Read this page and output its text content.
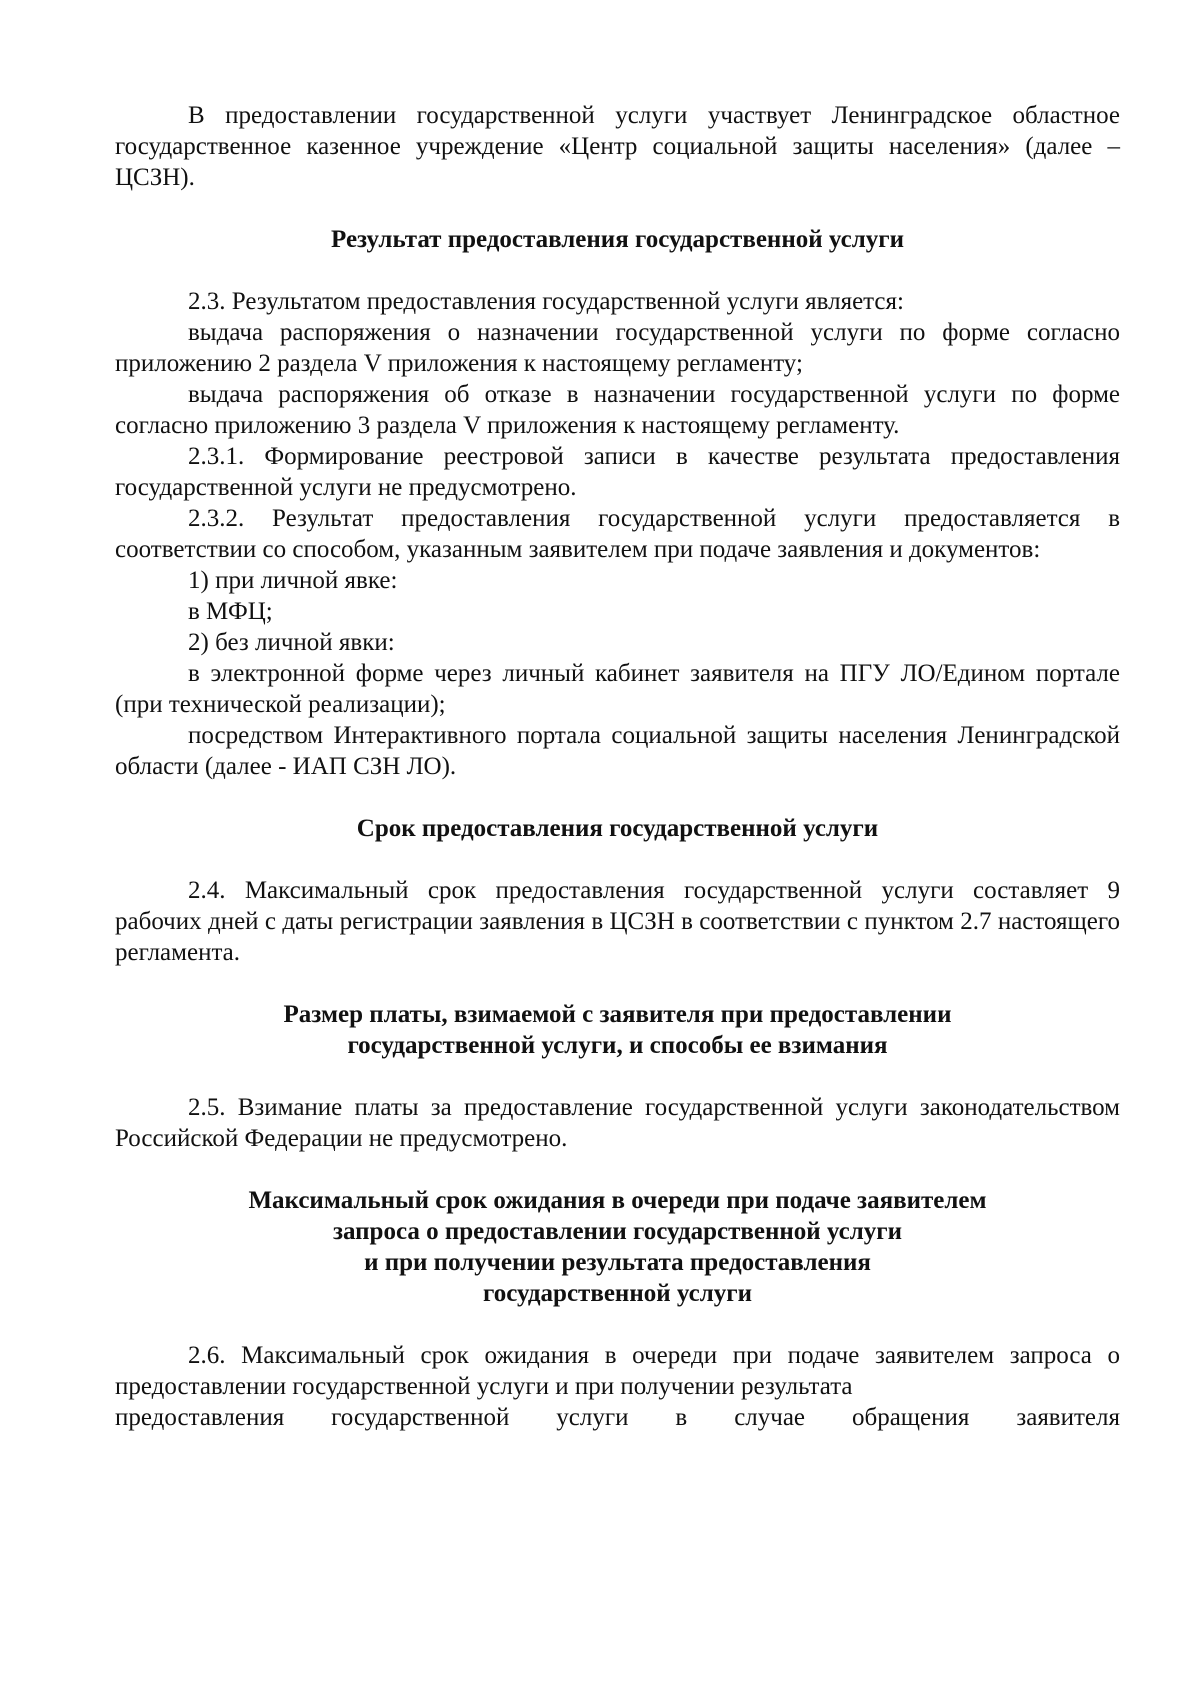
В предоставлении государственной услуги участвует Ленинградское областное государственное казенное учреждение «Центр социальной защиты населения» (далее – ЦСЗН).

Результат предоставления государственной услуги

2.3. Результатом предоставления государственной услуги является:

выдача распоряжения о назначении государственной услуги по форме согласно приложению 2 раздела V приложения к настоящему регламенту;

выдача распоряжения об отказе в назначении государственной услуги по форме согласно приложению 3 раздела V приложения к настоящему регламенту.

2.3.1. Формирование реестровой записи в качестве результата предоставления государственной услуги не предусмотрено.

2.3.2. Результат предоставления государственной услуги предоставляется в соответствии со способом, указанным заявителем при подаче заявления и документов:

1) при личной явке:

в МФЦ;

2) без личной явки:

в электронной форме через личный кабинет заявителя на ПГУ ЛО/Едином портале (при технической реализации);

посредством Интерактивного портала социальной защиты населения Ленинградской области (далее - ИАП СЗН ЛО).

Срок предоставления государственной услуги

2.4. Максимальный срок предоставления государственной услуги составляет 9 рабочих дней с даты регистрации заявления в ЦСЗН в соответствии с пунктом 2.7 настоящего регламента.

Размер платы, взимаемой с заявителя при предоставлении

государственной услуги, и способы ее взимания

2.5. Взимание платы за предоставление государственной услуги законодательством Российской Федерации не предусмотрено.

Максимальный срок ожидания в очереди при подаче заявителем

запроса о предоставлении государственной услуги

и при получении результата предоставления

государственной услуги

2.6. Максимальный срок ожидания в очереди при подаче заявителем запроса о предоставлении государственной услуги и при получении результата

предоставления государственной услуги в случае обращения заявителя
